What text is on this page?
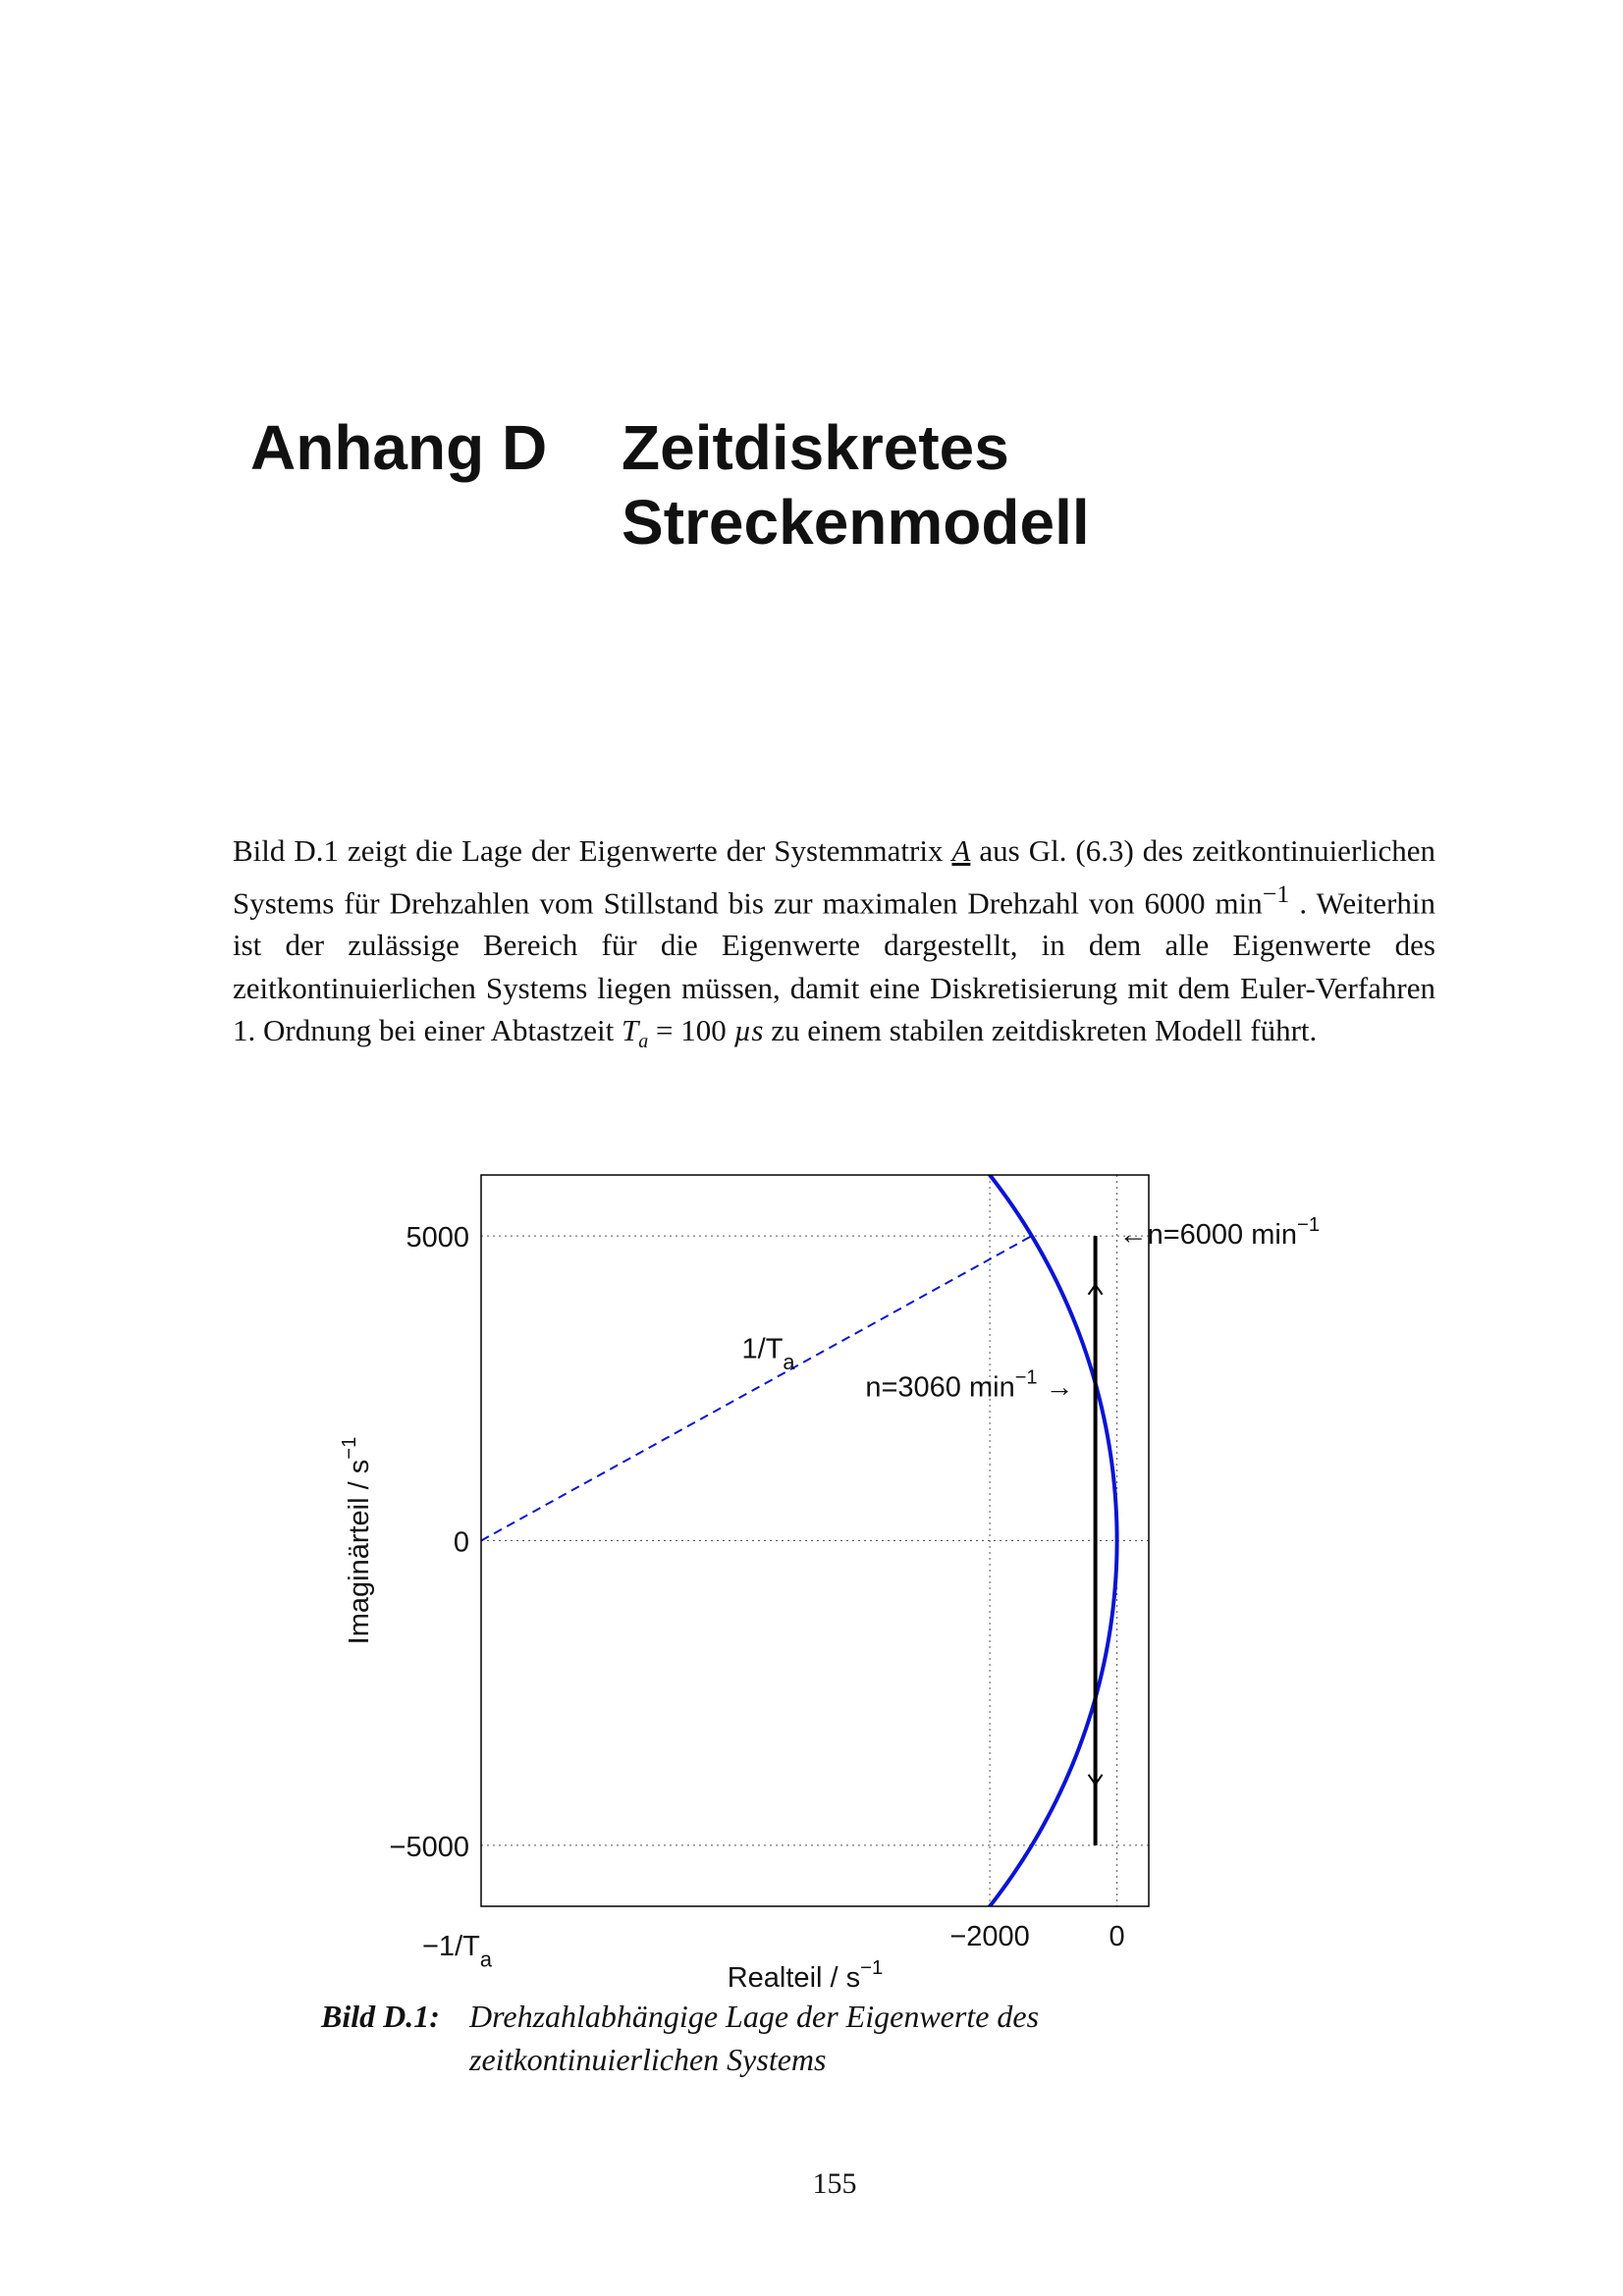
Anhang D Zeitdiskretes
Streckenmodell
Bild D.1 zeigt die Lage der Eigenwerte der Systemmatrix A aus Gl. (6.3) des zeitkontinuierlichen Systems für Drehzahlen vom Stillstand bis zur maximalen Drehzahl von 6000 $\min^{-1}$ . Weiterhin ist der zulässige Bereich für die Eigenwerte dargestellt, in dem alle Eigenwerte des zeitkontinuierlichen Systems liegen müssen, damit eine Diskretisierung mit dem Euler-Verfahren 1. Ordnung bei einer Abtastzeit $T_a = 100$ µs zu einem stabilen zeitdiskreten Modell führt.
$1/T_a$
5000
0
−5000
$-1/T_a$
−2000	0
Realteil / $s^{-1}$
Imaginärteil / $s^{-1}$
←n=6000 $\min^{-1}$
n=3060 $\min^{-1}$ →
Bild D.1: Drehzahlabhängige Lage der Eigenwerte des zeitkontinuierlichen Systems
155
